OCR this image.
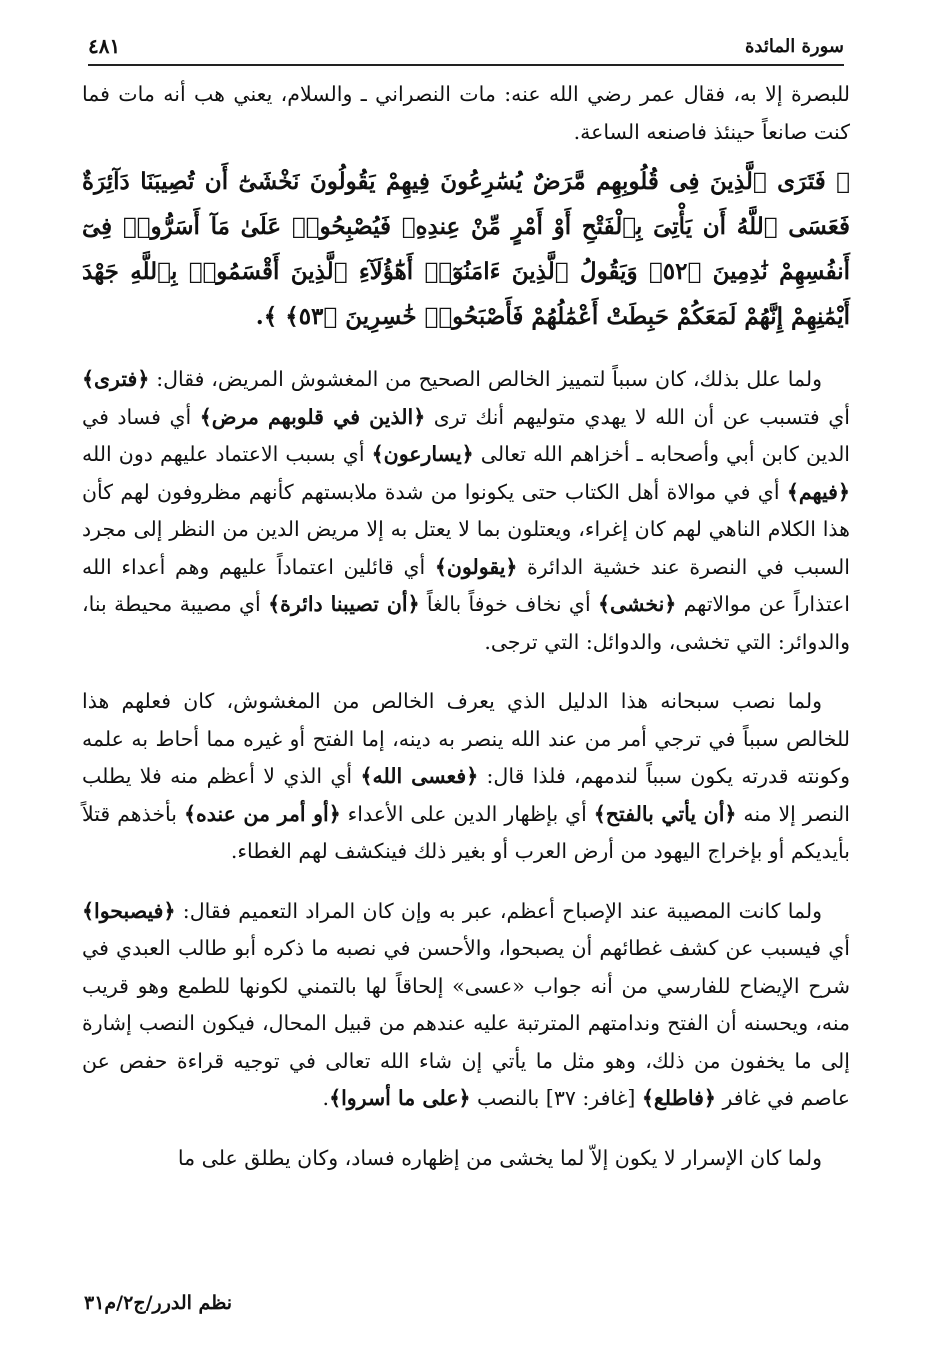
سورة المائدة
٤٨١

للبصرة إلا به، فقال عمر رضي الله عنه: مات النصراني ـ والسلام، يعني هب أنه مات فما كنت صانعاً حينئذ فاصنعه الساعة.

﴿ فَتَرَى ٱلَّذِينَ فِى قُلُوبِهِم مَّرَضٌ يُسَٰرِعُونَ فِيهِمْ يَقُولُونَ نَخْشَىٰٓ أَن تُصِيبَنَا دَآئِرَةٌ فَعَسَى ٱللَّهُ أَن يَأْتِىَ بِٱلْفَتْحِ أَوْ أَمْرٍ مِّنْ عِندِهِۦ فَيُصْبِحُوا۟ عَلَىٰ مَآ أَسَرُّوا۟ فِىٓ أَنفُسِهِمْ نَٰدِمِينَ ﴿٥٢﴾ وَيَقُولُ ٱلَّذِينَ ءَامَنُوٓا۟ أَهَٰٓؤُلَآءِ ٱلَّذِينَ أَقْسَمُوا۟ بِٱللَّهِ جَهْدَ أَيْمَٰنِهِمْ إِنَّهُمْ لَمَعَكُمْ حَبِطَتْ أَعْمَٰلُهُمْ فَأَصْبَحُوا۟ خَٰسِرِينَ ﴿٥٣﴾ ﴾.

ولما علل بذلك، كان سبباً لتمييز الخالص الصحيح من المغشوش المريض، فقال: ﴿فترى﴾ أي فتسبب عن أن الله لا يهدي متوليهم أنك ترى ﴿الذين في قلوبهم مرض﴾ أي فساد في الدين كابن أبي وأصحابه ـ أخزاهم الله تعالى ﴿يسارعون﴾ أي بسبب الاعتماد عليهم دون الله ﴿فيهم﴾ أي في موالاة أهل الكتاب حتى يكونوا من شدة ملابستهم كأنهم مظروفون لهم كأن هذا الكلام الناهي لهم كان إغراء، ويعتلون بما لا يعتل به إلا مريض الدين من النظر إلى مجرد السبب في النصرة عند خشية الدائرة ﴿يقولون﴾ أي قائلين اعتماداً عليهم وهم أعداء الله اعتذاراً عن موالاتهم ﴿نخشى﴾ أي نخاف خوفاً بالغاً ﴿أن تصيبنا دائرة﴾ أي مصيبة محيطة بنا، والدوائر: التي تخشى، والدوائل: التي ترجى.

ولما نصب سبحانه هذا الدليل الذي يعرف الخالص من المغشوش، كان فعلهم هذا للخالص سبباً في ترجي أمر من عند الله ينصر به دينه، إما الفتح أو غيره مما أحاط به علمه وكونته قدرته يكون سبباً لندمهم، فلذا قال: ﴿فعسى الله﴾ أي الذي لا أعظم منه فلا يطلب النصر إلا منه ﴿أن يأتي بالفتح﴾ أي بإظهار الدين على الأعداء ﴿أو أمر من عنده﴾ بأخذهم قتلاً بأيديكم أو بإخراج اليهود من أرض العرب أو بغير ذلك فينكشف لهم الغطاء.

ولما كانت المصيبة عند الإصباح أعظم، عبر به وإن كان المراد التعميم فقال: ﴿فيصبحوا﴾ أي فيسبب عن كشف غطائهم أن يصبحوا، والأحسن في نصبه ما ذكره أبو طالب العبدي في شرح الإيضاح للفارسي من أنه جواب «عسى» إلحاقاً لها بالتمني لكونها للطمع وهو قريب منه، ويحسنه أن الفتح وندامتهم المترتبة عليه عندهم من قبيل المحال، فيكون النصب إشارة إلى ما يخفون من ذلك، وهو مثل ما يأتي إن شاء الله تعالى في توجيه قراءة حفص عن عاصم في غافر ﴿فاطلع﴾ [غافر: ٣٧] بالنصب ﴿على ما أسروا﴾.

ولما كان الإسرار لا يكون إلاّ لما يخشى من إظهاره فساد، وكان يطلق على ما

نظم الدرر/ج٢/م٣١
